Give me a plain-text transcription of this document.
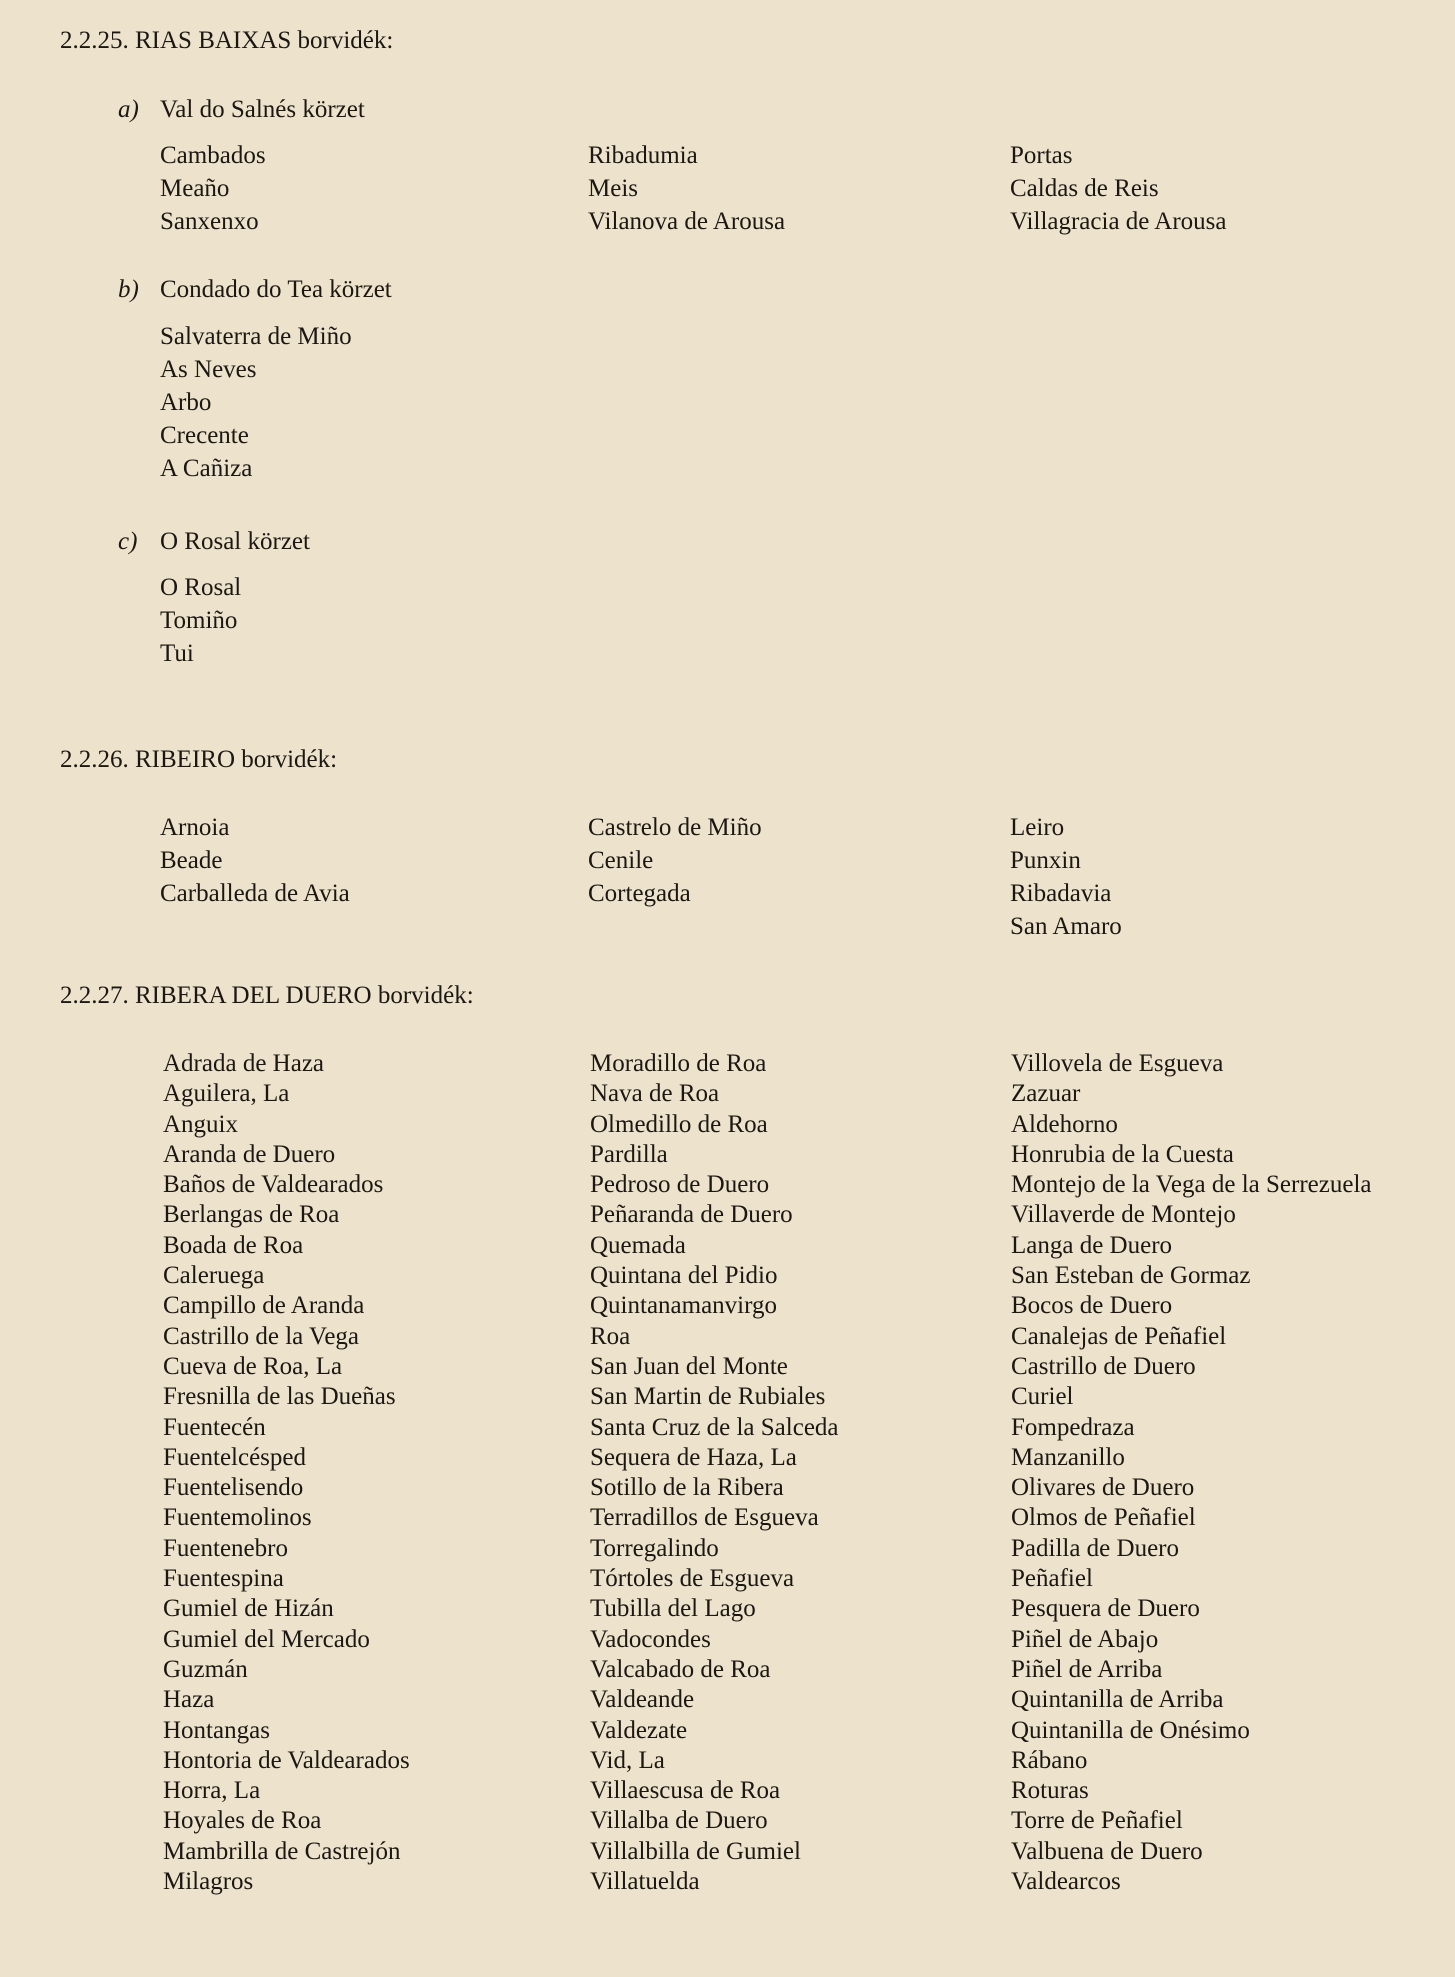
2.2.25. RIAS BAIXAS borvidék:
a) Val do Salnés körzet
Cambados
Meaño
Sanxenxo
Ribadumia
Meis
Vilanova de Arousa
Portas
Caldas de Reis
Villagracia de Arousa
b) Condado do Tea körzet
Salvaterra de Miño
As Neves
Arbo
Crecente
A Cañiza
c) O Rosal körzet
O Rosal
Tomiño
Tui
2.2.26. RIBEIRO borvidék:
Arnoia
Beade
Carballeda de Avia
Castrelo de Miño
Cenile
Cortegada
Leiro
Punxin
Ribadavia
San Amaro
2.2.27. RIBERA DEL DUERO borvidék:
Adrada de Haza
Aguilera, La
Anguix
Aranda de Duero
Baños de Valdearados
Berlangas de Roa
Boada de Roa
Caleruega
Campillo de Aranda
Castrillo de la Vega
Cueva de Roa, La
Fresnilla de las Dueñas
Fuentecén
Fuentelcésped
Fuentelisendo
Fuentemolinos
Fuentenebro
Fuentespina
Gumiel de Hizán
Gumiel del Mercado
Guzmán
Haza
Hontangas
Hontoria de Valdearados
Horra, La
Hoyales de Roa
Mambrilla de Castrejón
Milagros
Moradillo de Roa
Nava de Roa
Olmedillo de Roa
Pardilla
Pedroso de Duero
Peñaranda de Duero
Quemada
Quintana del Pidio
Quintanamanvirgo
Roa
San Juan del Monte
San Martin de Rubiales
Santa Cruz de la Salceda
Sequera de Haza, La
Sotillo de la Ribera
Terradillos de Esgueva
Torregalindo
Tórtoles de Esgueva
Tubilla del Lago
Vadocondes
Valcabado de Roa
Valdeande
Valdezate
Vid, La
Villaescusa de Roa
Villalba de Duero
Villalbilla de Gumiel
Villatuelda
Villovela de Esgueva
Zazuar
Aldehorno
Honrubia de la Cuesta
Montejo de la Vega de la Serrezuela
Villaverde de Montejo
Langa de Duero
San Esteban de Gormaz
Bocos de Duero
Canalejas de Peñafiel
Castrillo de Duero
Curiel
Fompedraza
Manzanillo
Olivares de Duero
Olmos de Peñafiel
Padilla de Duero
Peñafiel
Pesquera de Duero
Piñel de Abajo
Piñel de Arriba
Quintanilla de Arriba
Quintanilla de Onésimo
Rábano
Roturas
Torre de Peñafiel
Valbuena de Duero
Valdearcos
